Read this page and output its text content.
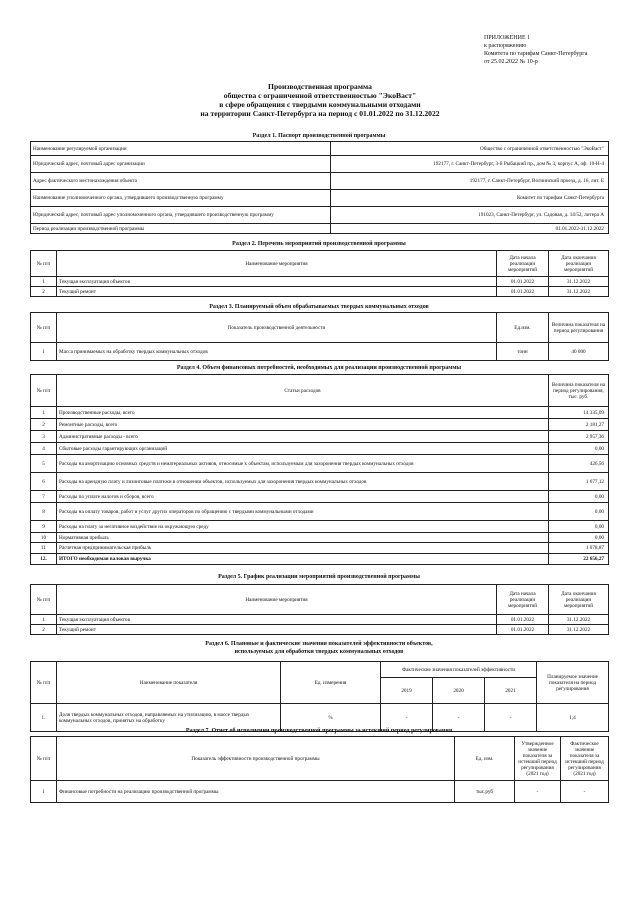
ПРИЛОЖЕНИЕ 1
к распоряжению
Комитета по тарифам Санкт-Петербурга
от 25.02.2022 № 10-р
Производственная программа
общества с ограниченной ответственностью "ЭкоВаст"
в сфере обращения с твердыми коммунальными отходами
на территории Санкт-Петербурга на период с 01.01.2022 по 31.12.2022
Раздел 1. Паспорт производственной программы
Наименование регулируемой организации	Общество с ограниченной ответственностью "ЭкоВаст"
Юридический адрес, почтовый адрес организации	192177, г. Санкт-Петербург, 3-й Рыбацкий пр., дом № 3, корпус А, оф. 10-Н-4
Адрес фактического местонахождения объекта	192177, г. Санкт-Петербург, Волчинский проезд, д. 16, лит. Е
Наименование уполномоченного органа, утвердившего производственную программу	Комитет по тарифам Санкт-Петербурга
Юридический адрес, почтовый адрес уполномоченного органа, утвердившего производственную программу	191023, Санкт-Петербург, ул. Садовая, д. 14/52, литера А
Период реализации производственной программы	01.01.2022-31.12.2022
Раздел 2. Перечень мероприятий производственной программы
№ п/п	Наименование мероприятия	Дата начала реализации мероприятий	Дата окончания реализации мероприятий
1	Текущая эксплуатация объектов	01.01.2022	31.12.2022
2	Текущий ремонт	01.01.2022	31.12.2022
Раздел 3. Планируемый объем обрабатываемых твердых коммунальных отходов
№ п/п	Показатель производственной деятельности	Ед.изм.	Величина показателя на период регулирования
1	Масса принимаемых на обработку твердых коммунальных отходов	тонн	40 000
Раздел 4. Объем финансовых потребностей, необходимых для реализации производственной программы
№ п/п	Статьи расходов	Величина показателя на период регулирования, тыс. руб.
1	Производственные расходы, всего	14 335,09
2	Ремонтные расходы, всего	2 181,27
3	Административные расходы - всего	2 957,36
4	Сбытовые расходы гарантирующих организаций	0,00
5	Расходы на амортизацию основных средств и нематериальных активов, относимые к объектам, используемым для захоронения твердых коммунальных отходов	426,56
6	Расходы на арендную плату и лизинговые платежи в отношении объектов, используемых для захоронения твердых коммунальных отходов	1 677,12
7	Расходы по уплате налогов и сборов, всего	0,00
8	Расходы на оплату товаров, работ и услуг других операторов по обращению с твердыми коммунальными отходами	0,00
9	Расходы на плату за негативное воздействие на окружающую среду	0,00
10	Нормативная прибыль	0,00
11	Расчетная предпринимательская прибыль	1 078,87
12.	ИТОГО необходимая валовая выручка	22 656,27
Раздел 5. График реализации мероприятий производственной программы
№ п/п	Наименование мероприятия	Дата начала реализации мероприятий	Дата окончания реализации мероприятий
1	Текущая эксплуатация объектов	01.01.2022	31.12.2022
2	Текущий ремонт	01.01.2022	31.12.2022
Раздел 6. Плановые и фактические значения показателей эффективности объектов,
используемых для обработки твердых коммунальных отходов
№ п/п	Наименование показателя	Ед. измерения	Фактические значения показателей эффективности			Планируемое значение показателя на период регулирования
			2019	2020	2021	
1.	Доля твердых коммунальных отходов, направляемых на утилизацию, в массе твердых коммунальных отходов, принятых на обработку	%	-	-	-	1,4
Раздел 7. Отчет об исполнении производственной программы за истекший период регулирования
№ п/п	Показатель эффективности производственной программы	Ед. изм.	Утвержденное значение показателя за истекший период регулирования (2021 год)	Фактическое значение показателя за истекший период регулирования (2021 год)
1	Финансовые потребности на реализацию производственной программы	тыс.руб	-	-
